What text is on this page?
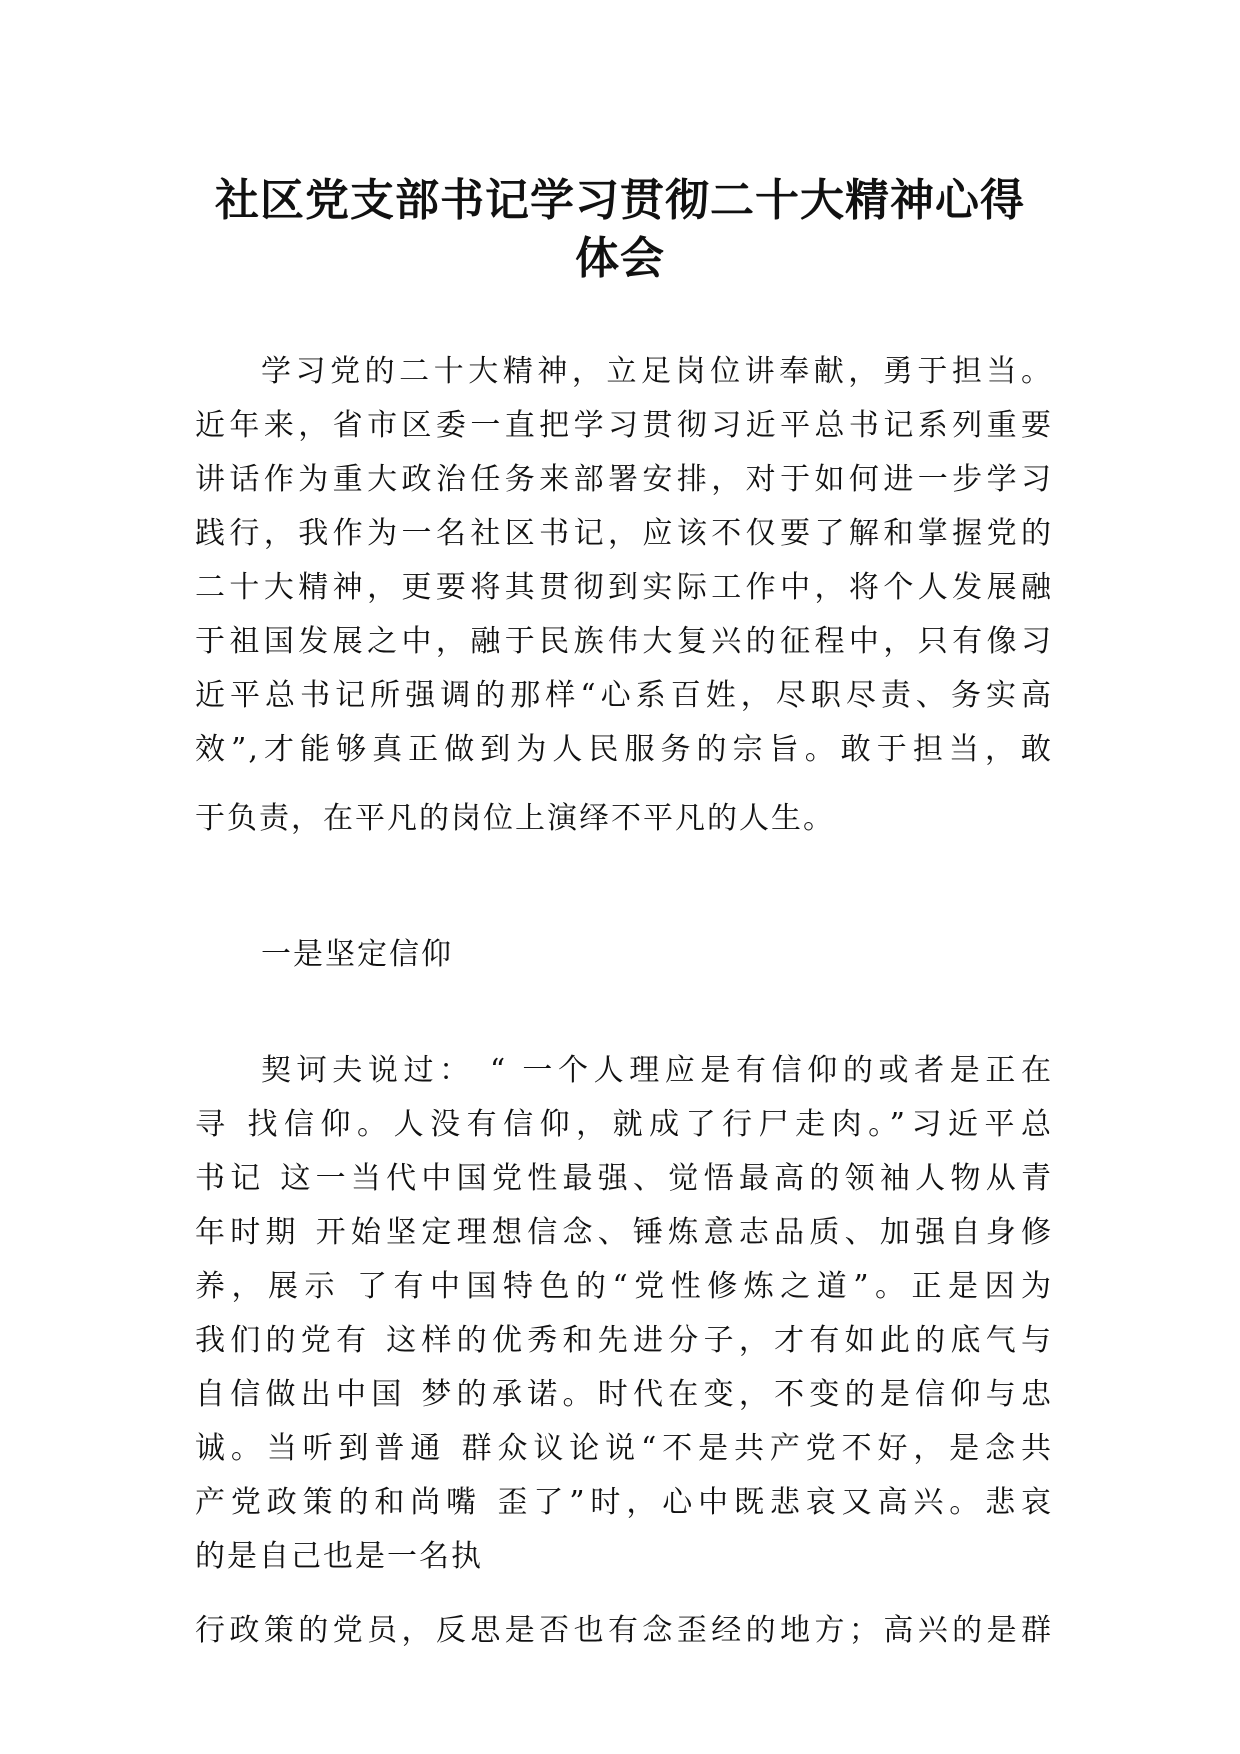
社区党支部书记学习贯彻二十大精神心得
体会
学习党的二十大精神，立足岗位讲奉献，勇于担当。
近年来，省市区委一直把学习贯彻习近平总书记系列重要
讲话作为重大政治任务来部署安排，对于如何进一步学习
践行，我作为一名社区书记，应该不仅要了解和掌握党的
二十大精神，更要将其贯彻到实际工作中，将个人发展融
于祖国发展之中，融于民族伟大复兴的征程中，只有像习
近平总书记所强调的那样“心系百姓，尽职尽责、务实高
效”,才能够真正做到为人民服务的宗旨。敢于担当，敢
于负责，在平凡的岗位上演绎不平凡的人生。
一是坚定信仰
契诃夫说过： “ 一个人理应是有信仰的或者是正在
寻 找信仰。人没有信仰，就成了行尸走肉。”习近平总
书记 这一当代中国党性最强、觉悟最高的领袖人物从青
年时期 开始坚定理想信念、锤炼意志品质、加强自身修
养，展示 了有中国特色的“党性修炼之道”。正是因为
我们的党有 这样的优秀和先进分子，才有如此的底气与
自信做出中国 梦的承诺。时代在变，不变的是信仰与忠
诚。当听到普通 群众议论说“不是共产党不好，是念共
产党政策的和尚嘴 歪了”时，心中既悲哀又高兴。悲哀
的是自己也是一名执
行政策的党员，反思是否也有念歪经的地方；高兴的是群
